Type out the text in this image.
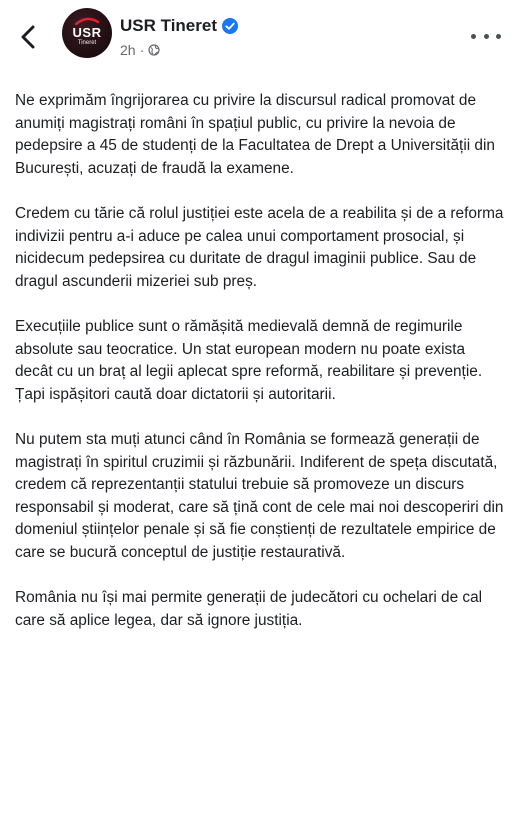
USR
Tineret
USR Tineret
2h ·

Ne exprimăm îngrijorarea cu privire la discursul radical promovat de anumiți magistrați români în spațiul public, cu privire la nevoia de pedepsire a 45 de studenți de la Facultatea de Drept a Universității din București, acuzați de fraudă la examene.

Credem cu tărie că rolul justiției este acela de a reabilita și de a reforma indivizii pentru a-i aduce pe calea unui comportament prosocial, și nicidecum pedepsirea cu duritate de dragul imaginii publice. Sau de dragul ascunderii mizeriei sub preș.

Execuțiile publice sunt o rămășită medievală demnă de regimurile absolute sau teocratice. Un stat european modern nu poate exista decât cu un braț al legii aplecat spre reformă, reabilitare și prevenție. Țapi ispășitori caută doar dictatorii și autoritarii.

Nu putem sta muți atunci când în România se formează generații de magistrați în spiritul cruzimii și răzbunării. Indiferent de speța discutată, credem că reprezentanții statului trebuie să promoveze un discurs responsabil și moderat, care să țină cont de cele mai noi descoperiri din domeniul științelor penale și să fie conștienți de rezultatele empirice de care se bucură conceptul de justiție restaurativă.

România nu își mai permite generații de judecători cu ochelari de cal care să aplice legea, dar să ignore justiția.
